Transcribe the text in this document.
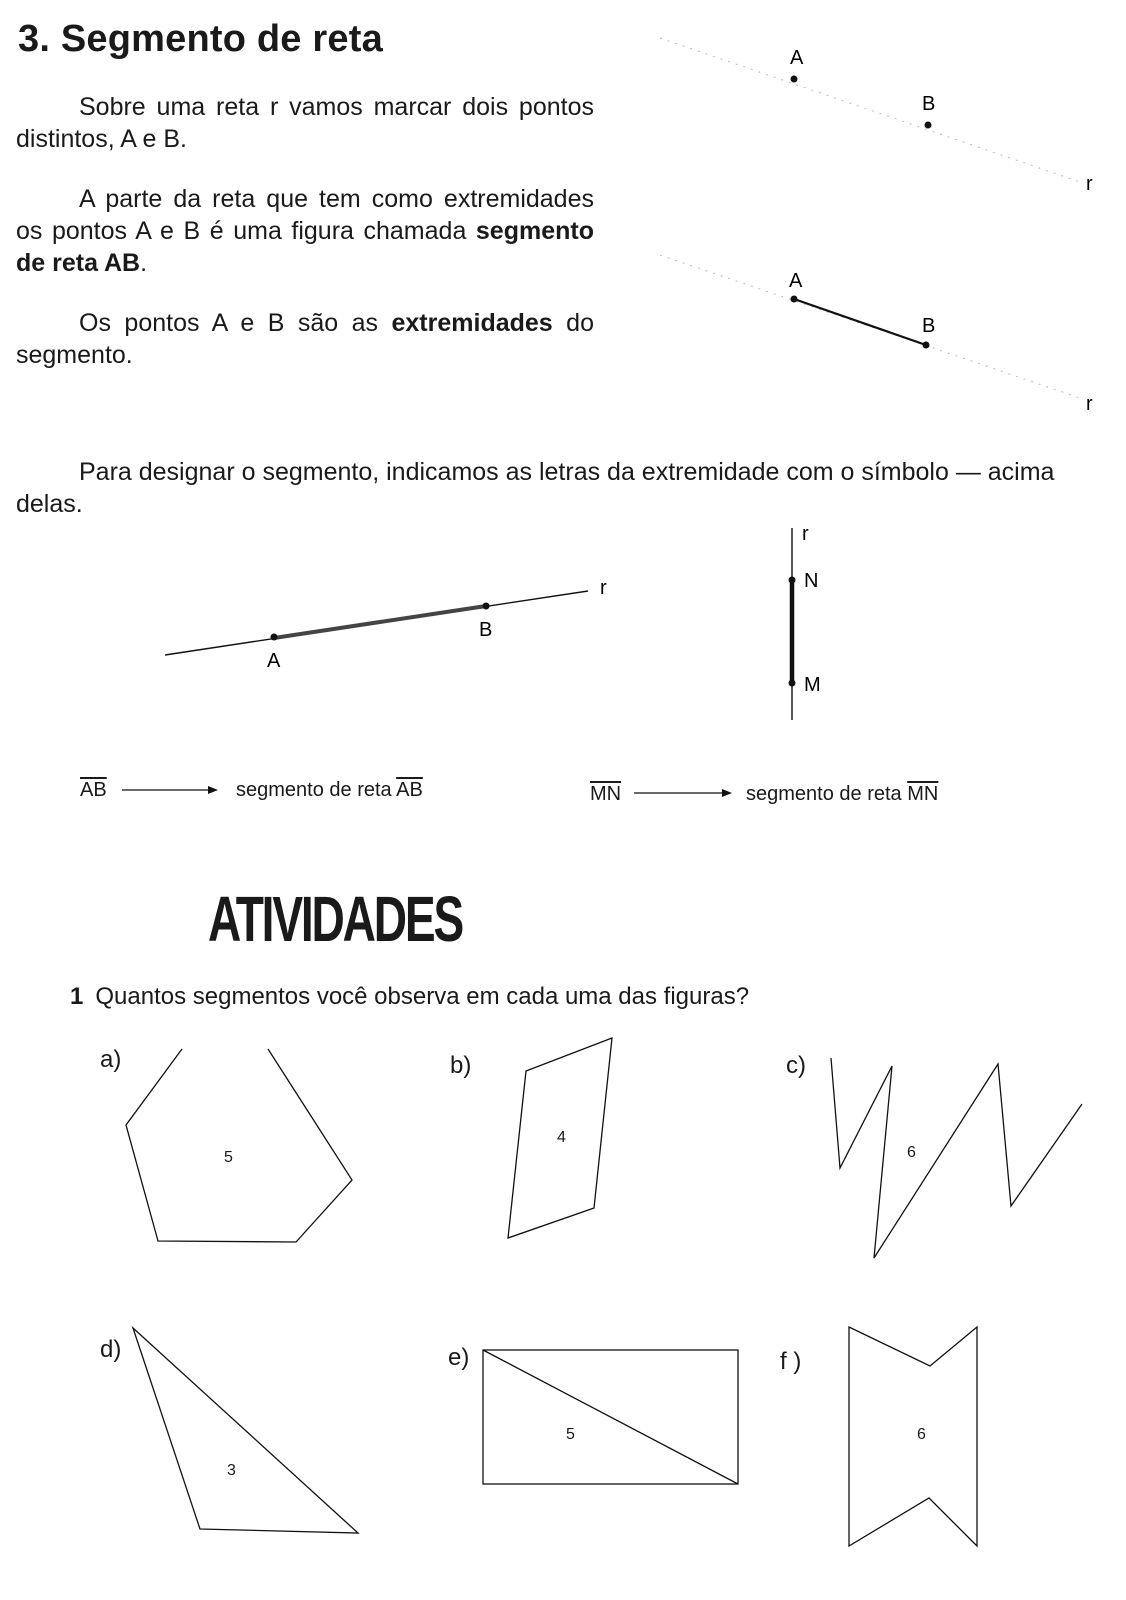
3. Segmento de reta
Sobre uma reta r vamos marcar dois pontos distintos, A e B.
A parte da reta que tem como extremidades os pontos A e B é uma figura chamada segmento de reta AB.
Os pontos A e B são as extremidades do segmento.
Para designar o segmento, indicamos as letras da extremidade com o símbolo — acima delas.
A
B
r
A
B
r
A
B
r
r
N
M
$\overline{AB}$	segmento de reta $\overline{AB}$	$\overline{MN}$	segmento de reta $\overline{MN}$
ATIVIDADES
1 Quantos segmentos você observa em cada uma das figuras?
a)	b)	c)
d)	e)	f )
5
4
6
3
5	6
